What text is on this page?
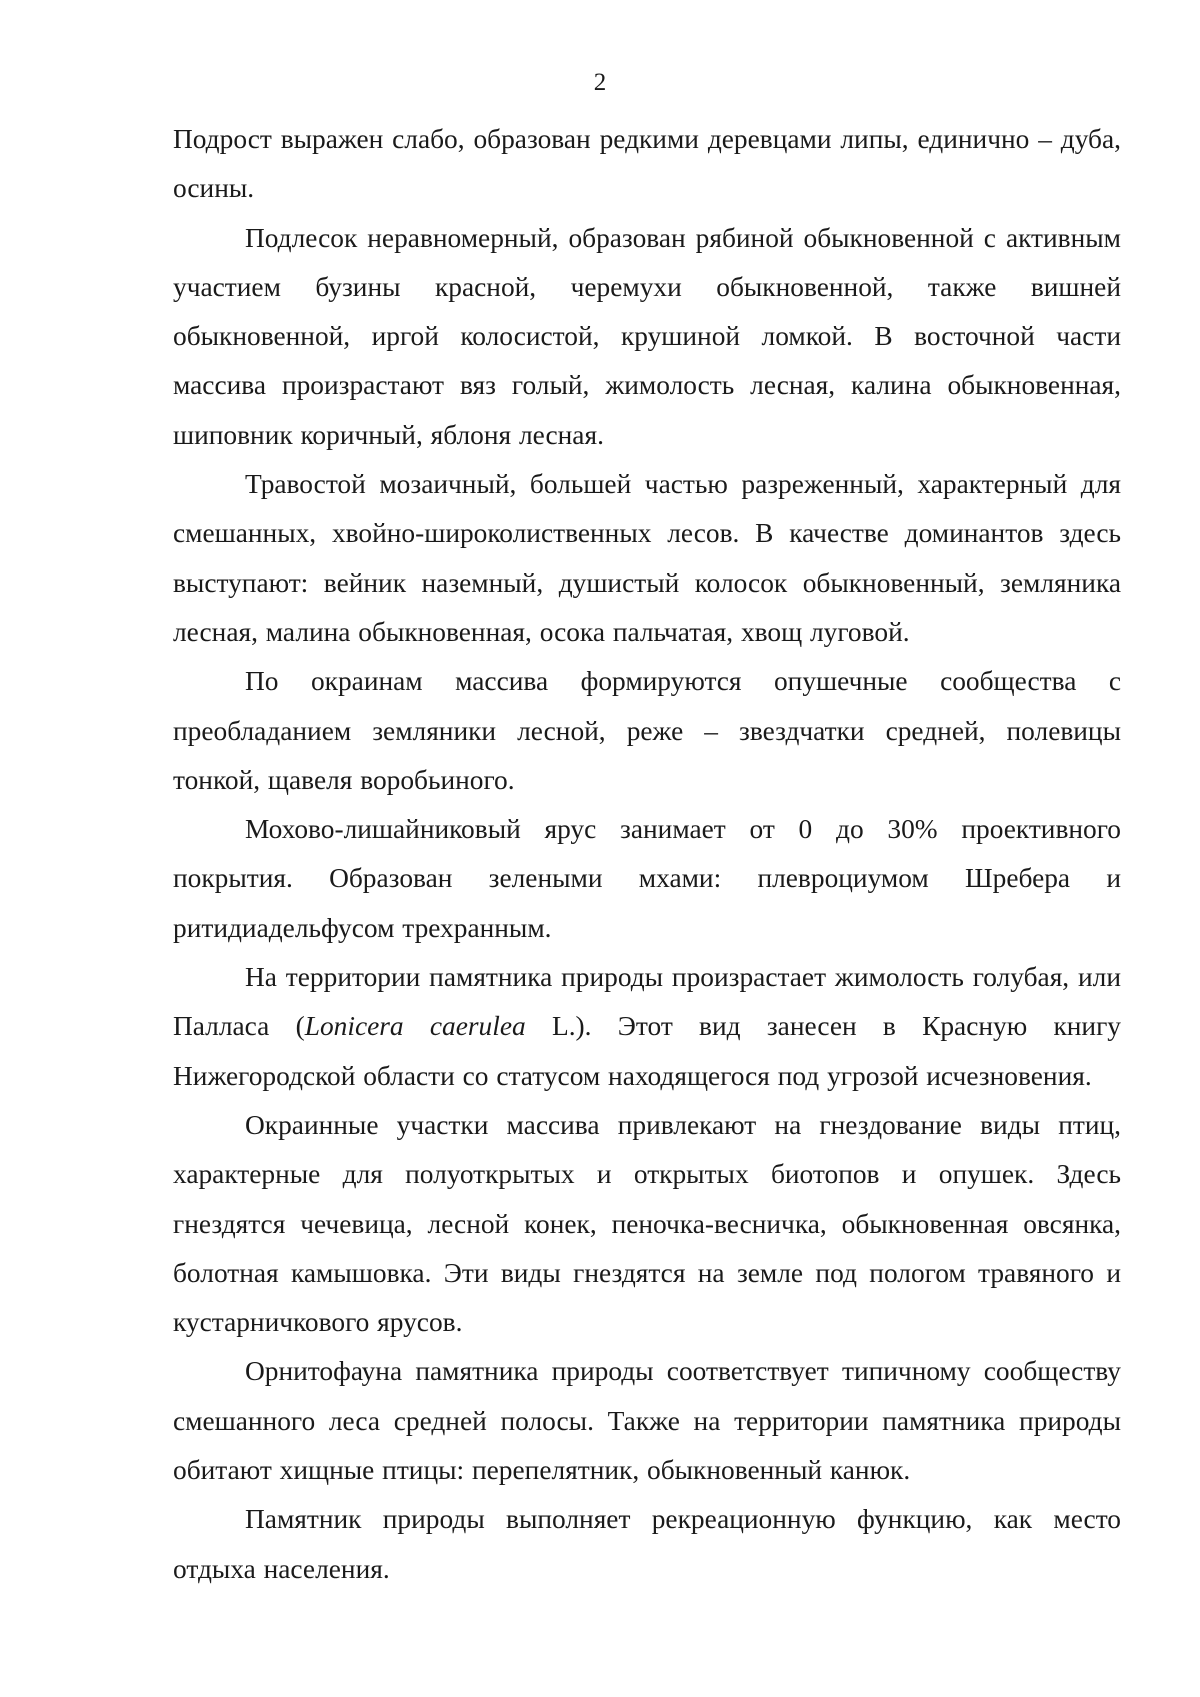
2

Подрост выражен слабо, образован редкими деревцами липы, единично – дуба, осины.

Подлесок неравномерный, образован рябиной обыкновенной с активным участием бузины красной, черемухи обыкновенной, также вишней обыкновенной, иргой колосистой, крушиной ломкой. В восточной части массива произрастают вяз голый, жимолость лесная, калина обыкновенная, шиповник коричный, яблоня лесная.

Травостой мозаичный, большей частью разреженный, характерный для смешанных, хвойно-широколиственных лесов. В качестве доминантов здесь выступают: вейник наземный, душистый колосок обыкновенный, земляника лесная, малина обыкновенная, осока пальчатая, хвощ луговой.

По окраинам массива формируются опушечные сообщества с преобладанием земляники лесной, реже – звездчатки средней, полевицы тонкой, щавеля воробьиного.

Мохово-лишайниковый ярус занимает от 0 до 30% проективного покрытия. Образован зелеными мхами: плевроциумом Шребера и ритидиадельфусом трехранным.

На территории памятника природы произрастает жимолость голубая, или Палласа (Lonicera caerulea L.). Этот вид занесен в Красную книгу Нижегородской области со статусом находящегося под угрозой исчезновения.

Окраинные участки массива привлекают на гнездование виды птиц, характерные для полуоткрытых и открытых биотопов и опушек. Здесь гнездятся чечевица, лесной конек, пеночка-весничка, обыкновенная овсянка, болотная камышовка. Эти виды гнездятся на земле под пологом травяного и кустарничкового ярусов.

Орнитофауна памятника природы соответствует типичному сообществу смешанного леса средней полосы. Также на территории памятника природы обитают хищные птицы: перепелятник, обыкновенный канюк.

Памятник природы выполняет рекреационную функцию, как место отдыха населения.
